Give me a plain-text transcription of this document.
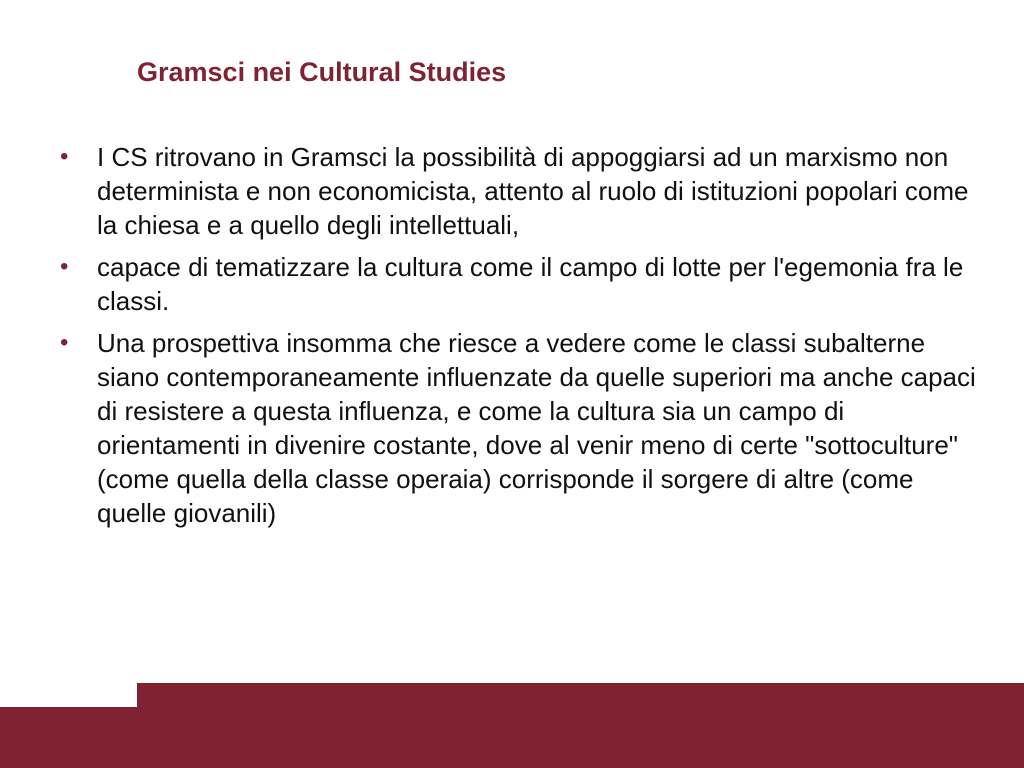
Gramsci nei Cultural Studies
•	I CS ritrovano in Gramsci la possibilità di appoggiarsi ad un marxismo non determinista e non economicista, attento al ruolo di istituzioni popolari come la chiesa e a quello degli intellettuali,
•	capace di tematizzare la cultura come il campo di lotte per l'egemonia fra le classi.
•	Una prospettiva insomma che riesce a vedere come le classi subalterne siano contemporaneamente influenzate da quelle superiori ma anche capaci di resistere a questa influenza, e come la cultura sia un campo di orientamenti in divenire costante, dove al venir meno di certe "sottoculture" (come quella della classe operaia) corrisponde il sorgere di altre (come quelle giovanili)
